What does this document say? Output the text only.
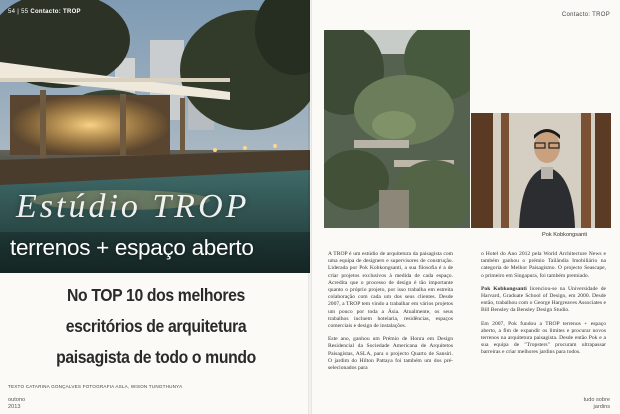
54 | 55 Contacto: TROP
Estúdio TROP
terrenos + espaço aberto
No TOP 10 dos melhores
escritórios de arquitetura
paisagista de todo o mundo
TEXTO CATARINA GONÇALVES FOTOGRAFIA ASLA, WISON TUNGTHUNYA
outono
2013
Contacto: TROP
Pok Kobkongsanti

A TROP é um estúdio de arquitetura da paisagista com uma equipa de designers e supervisores de construção. Liderada por Pok Kobkongsanti, a sua filosofia é a de criar projetos exclusivos à medida de cada espaço. Acredita que o processo de design é tão importante quanto o próprio projeto, por isso trabalha em estreita colaboração com cada um dos seus clientes. Desde 2007, a TROP tem vindo a trabalhar em vários projetos um pouco por toda a Ásia. Atualmente, os seus trabalhos incluem hotelaria, residências, espaços comerciais e design de instalações.

Este ano, ganhou um Prémio de Honra em Design Residencial da Sociedade Americana de Arquitetos Paisagistas, ASLA, para o projecto Quarto de Sansiri. O jardim do Hilton Pattaya foi também um dos pré-selecionados para

o Hotel do Ano 2012 pela World Architecture News e também ganhou o prémio Tailândia Imobiliário na categoria de Melhor Paisagismo. O projecto Seascape, o primeiro em Singapura, foi também premiado.

Pok Kobkongsanti licenciou-se na Universidade de Harvard, Graduate School of Design, em 2000. Desde então, trabalhou com o George Hargreaves Associates e Bill Bensley da Bensley Design Studio.

Em 2007, Pok fundou a TROP terrenos + espaço aberto, a fim de expandir os limites e procurar novos terrenos na arquitetura paisagista. Desde então Pok e a sua equipa de "Tropsters" procuram ultrapassar barreiras e criar melhores jardins para todos.

tudo sobre
jardins
